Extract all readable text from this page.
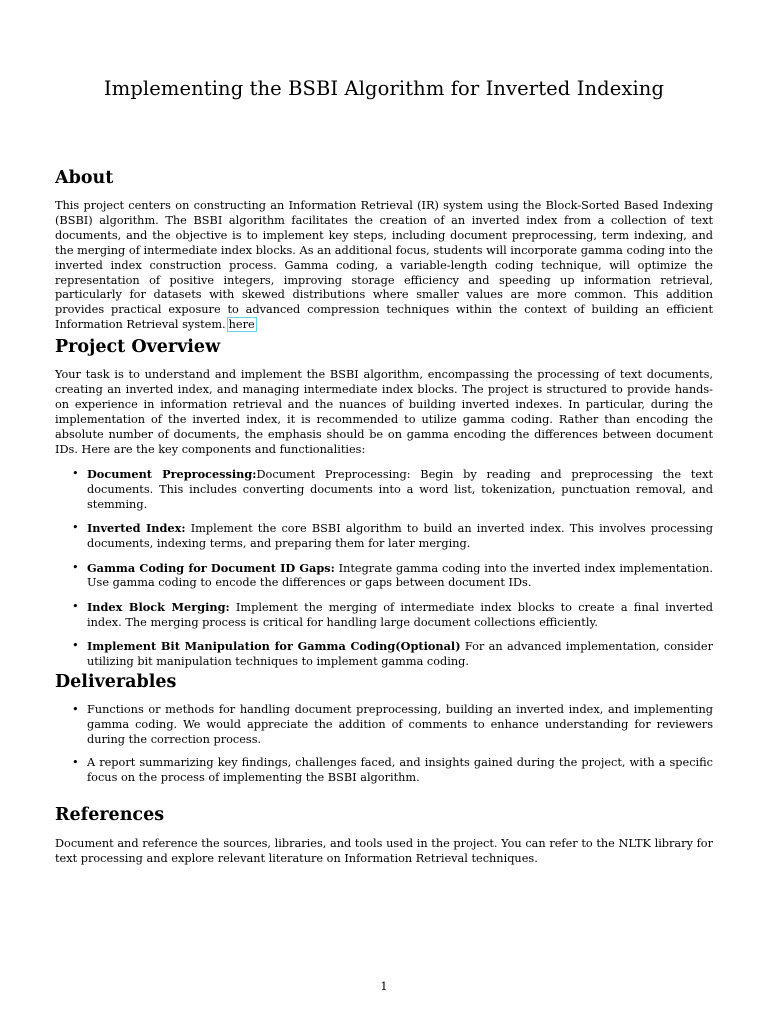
Implementing the BSBI Algorithm for Inverted Indexing
About

This project centers on constructing an Information Retrieval (IR) system using the Block-Sorted Based Indexing (BSBI) algorithm. The BSBI algorithm facilitates the creation of an inverted index from a collection of text documents, and the objective is to implement key steps, including document preprocessing, term indexing, and the merging of intermediate index blocks. As an additional focus, students will incorporate gamma coding into the inverted index construction process. Gamma coding, a variable-length coding technique, will optimize the representation of positive integers, improving storage efficiency and speeding up information retrieval, particularly for datasets with skewed distributions where smaller values are more common. This addition provides practical exposure to advanced compression techniques within the context of building an efficient Information Retrieval system. here

Project Overview

Your task is to understand and implement the BSBI algorithm, encompassing the processing of text documents, creating an inverted index, and managing intermediate index blocks. The project is structured to provide hands-on experience in information retrieval and the nuances of building inverted indexes. In particular, during the implementation of the inverted index, it is recommended to utilize gamma coding. Rather than encoding the absolute number of documents, the emphasis should be on gamma encoding the differences between document IDs. Here are the key components and functionalities:

• Document Preprocessing:Document Preprocessing: Begin by reading and preprocessing the text documents. This includes converting documents into a word list, tokenization, punctuation removal, and stemming.
• Inverted Index: Implement the core BSBI algorithm to build an inverted index. This involves processing documents, indexing terms, and preparing them for later merging.
• Gamma Coding for Document ID Gaps: Integrate gamma coding into the inverted index implementation. Use gamma coding to encode the differences or gaps between document IDs.
• Index Block Merging: Implement the merging of intermediate index blocks to create a final inverted index. The merging process is critical for handling large document collections efficiently.
• Implement Bit Manipulation for Gamma Coding(Optional) For an advanced implementation, consider utilizing bit manipulation techniques to implement gamma coding.
Deliverables
• Functions or methods for handling document preprocessing, building an inverted index, and implementing gamma coding. We would appreciate the addition of comments to enhance understanding for reviewers during the correction process.
• A report summarizing key findings, challenges faced, and insights gained during the project, with a specific focus on the process of implementing the BSBI algorithm.
References

Document and reference the sources, libraries, and tools used in the project. You can refer to the NLTK library for text processing and explore relevant literature on Information Retrieval techniques.

1
